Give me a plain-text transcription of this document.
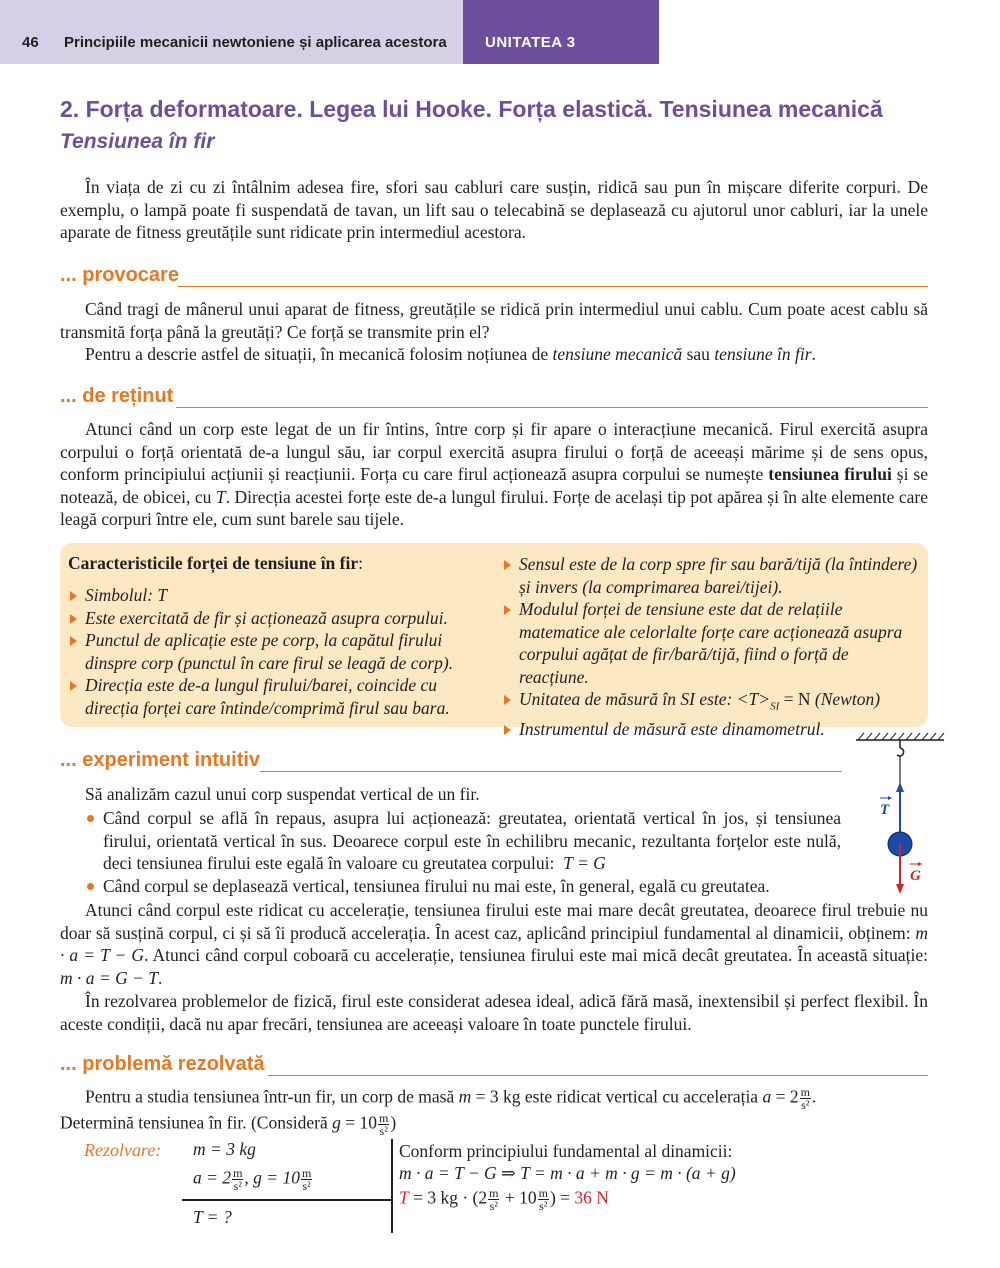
46 Principiile mecanicii newtoniene și aplicarea acestora	UNITATEA 3
2. Forța deformatoare. Legea lui Hooke. Forța elastică. Tensiunea mecanică
Tensiunea în fir

În viața de zi cu zi întâlnim adesea fire, sfori sau cabluri care susțin, ridică sau pun în mișcare diferite corpuri. De exemplu, o lampă poate fi suspendată de tavan, un lift sau o telecabină se deplasează cu ajutorul unor cabluri, iar la unele aparate de fitness greutățile sunt ridicate prin intermediul acestora.

... provocare

Când tragi de mânerul unui aparat de fitness, greutățile se ridică prin intermediul unui cablu. Cum poate acest cablu să transmită forța până la greutăți? Ce forță se transmite prin el?

Pentru a descrie astfel de situații, în mecanică folosim noțiunea de tensiune mecanică sau tensiune în fir.

... de reținut

Atunci când un corp este legat de un fir întins, între corp și fir apare o interacțiune mecanică. Firul exercită asupra corpului o forță orientată de-a lungul său, iar corpul exercită asupra firului o forță de aceeași mărime și de sens opus, conform principiului acțiunii și reacțiunii. Forța cu care firul acționează asupra corpului se numește tensiunea firului și se notează, de obicei, cu T. Direcția acestei forțe este de-a lungul firului. Forțe de același tip pot apărea și în alte elemente care leagă corpuri între ele, cum sunt barele sau tijele.

Caracteristicile forței de tensiune în fir:
Simbolul: T⃗
Este exercitată de fir și acționează asupra corpului.
Punctul de aplicație este pe corp, la capătul firului dinspre corp (punctul în care firul se leagă de corp).
Direcția este de-a lungul firului/barei, coincide cu direcția forței care întinde/comprimă firul sau bara.
Sensul este de la corp spre fir sau bară/tijă (la întindere) și invers (la comprimarea barei/tijei).
Modulul forței de tensiune este dat de relațiile matematice ale celorlalte forțe care acționează asupra corpului agățat de fir/bară/tijă, fiind o forță de reacțiune.
Unitatea de măsură în SI este: $<T>_{SI} = N$ (Newton)
Instrumentul de măsură este dinamometrul.
... experiment intuitiv

Să analizăm cazul unui corp suspendat vertical de un fir.

Când corpul se află în repaus, asupra lui acționează: greutatea, orientată vertical în jos, și tensiunea firului, orientată vertical în sus. Deoarece corpul este în echilibru mecanic, rezultanta forțelor este nulă, deci tensiunea firului este egală în valoare cu greutatea corpului: T = G
Când corpul se deplasează vertical, tensiunea firului nu mai este, în general, egală cu greutatea.
T
G

Atunci când corpul este ridicat cu accelerație, tensiunea firului este mai mare decât greutatea, deoarece firul trebuie nu doar să susțină corpul, ci și să îi producă accelerația. În acest caz, aplicând principiul fundamental al dinamicii, obținem: m · a = T − G. Atunci când corpul coboară cu accelerație, tensiunea firului este mai mică decât greutatea. În această situație: m · a = G − T.

În rezolvarea problemelor de fizică, firul este considerat adesea ideal, adică fără masă, inextensibil și perfect flexibil. În aceste condiții, dacă nu apar frecări, tensiunea are aceeași valoare în toate punctele firului.

... problemă rezolvată

Pentru a studia tensiunea într-un fir, un corp de masă m = 3 kg este ridicat vertical cu accelerația $a = 2 \frac{m}{\text{s²}}$ .

Determină tensiunea în fir. (Consideră $g = 10 \frac{m}{\text{s²}}$ )

Rezolvare: m = 3 kg

$a = 2 \frac{m}{\text{s²}}$ , $g = 10 \frac{m}{\text{s²}}$

T = ?

Conform principiului fundamental al dinamicii:

m · a = T − G ⇒ T = m · a + m · g = m · (a + g)

T = 3 kg · ($2 \frac{m}{\text{s²}} + 10 \frac{m}{\text{s²}}$ ) = 36 N
